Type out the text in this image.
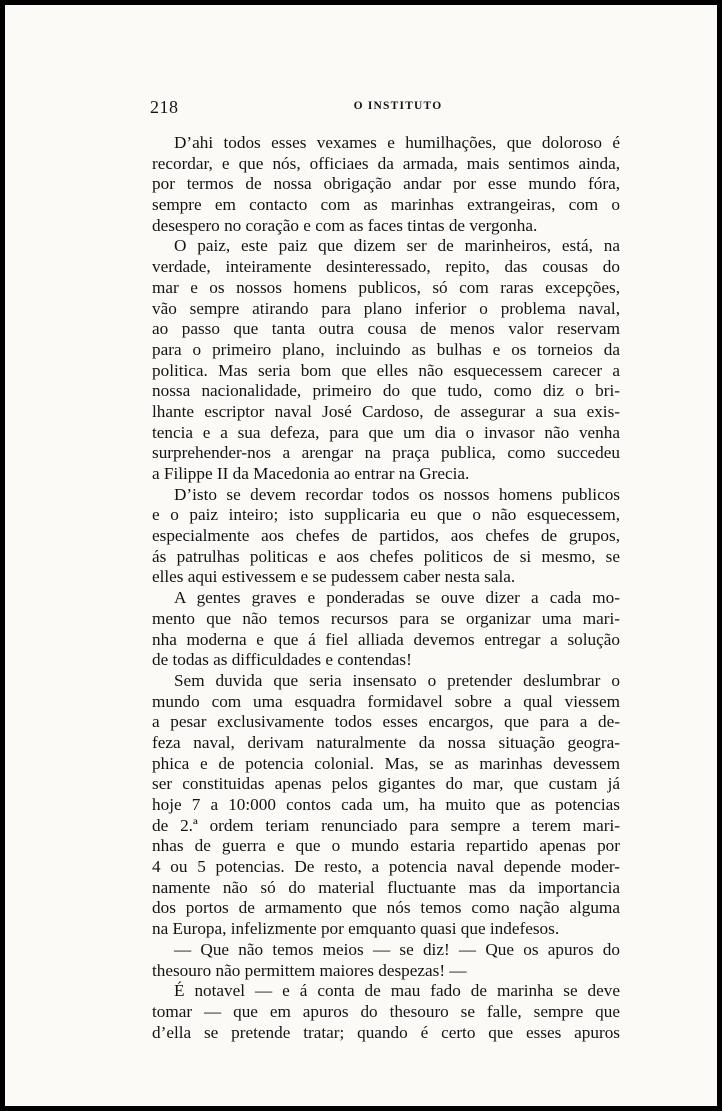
218	O INSTITUTO
D’ahi todos esses vexames e humilhações, que doloroso é
recordar, e que nós, officiaes da armada, mais sentimos ainda,
por termos de nossa obrigação andar por esse mundo fóra,
sempre em contacto com as marinhas extrangeiras, com o
desespero no coração e com as faces tintas de vergonha.
O paiz, este paiz que dizem ser de marinheiros, está, na
verdade, inteiramente desinteressado, repito, das cousas do
mar e os nossos homens publicos, só com raras excepções,
vão sempre atirando para plano inferior o problema naval,
ao passo que tanta outra cousa de menos valor reservam
para o primeiro plano, incluindo as bulhas e os torneios da
politica. Mas seria bom que elles não esquecessem carecer a
nossa nacionalidade, primeiro do que tudo, como diz o bri-
lhante escriptor naval José Cardoso, de assegurar a sua exis-
tencia e a sua defeza, para que um dia o invasor não venha
surprehender-nos a arengar na praça publica, como succedeu
a Filippe II da Macedonia ao entrar na Grecia.
D’isto se devem recordar todos os nossos homens publicos
e o paiz inteiro; isto supplicaria eu que o não esquecessem,
especialmente aos chefes de partidos, aos chefes de grupos,
ás patrulhas politicas e aos chefes politicos de si mesmo, se
elles aqui estivessem e se pudessem caber nesta sala.
A gentes graves e ponderadas se ouve dizer a cada mo-
mento que não temos recursos para se organizar uma mari-
nha moderna e que á fiel alliada devemos entregar a solução
de todas as difficuldades e contendas!
Sem duvida que seria insensato o pretender deslumbrar o
mundo com uma esquadra formidavel sobre a qual viessem
a pesar exclusivamente todos esses encargos, que para a de-
feza naval, derivam naturalmente da nossa situação geogra-
phica e de potencia colonial. Mas, se as marinhas devessem
ser constituidas apenas pelos gigantes do mar, que custam já
hoje 7 a 10:000 contos cada um, ha muito que as potencias
de 2.ª ordem teriam renunciado para sempre a terem mari-
nhas de guerra e que o mundo estaria repartido apenas por
4 ou 5 potencias. De resto, a potencia naval depende moder-
namente não só do material fluctuante mas da importancia
dos portos de armamento que nós temos como nação alguma
na Europa, infelizmente por emquanto quasi que indefesos.
— Que não temos meios — se diz! — Que os apuros do
thesouro não permittem maiores despezas! —
É notavel — e á conta de mau fado de marinha se deve
tomar — que em apuros do thesouro se falle, sempre que
d’ella se pretende tratar; quando é certo que esses apuros
